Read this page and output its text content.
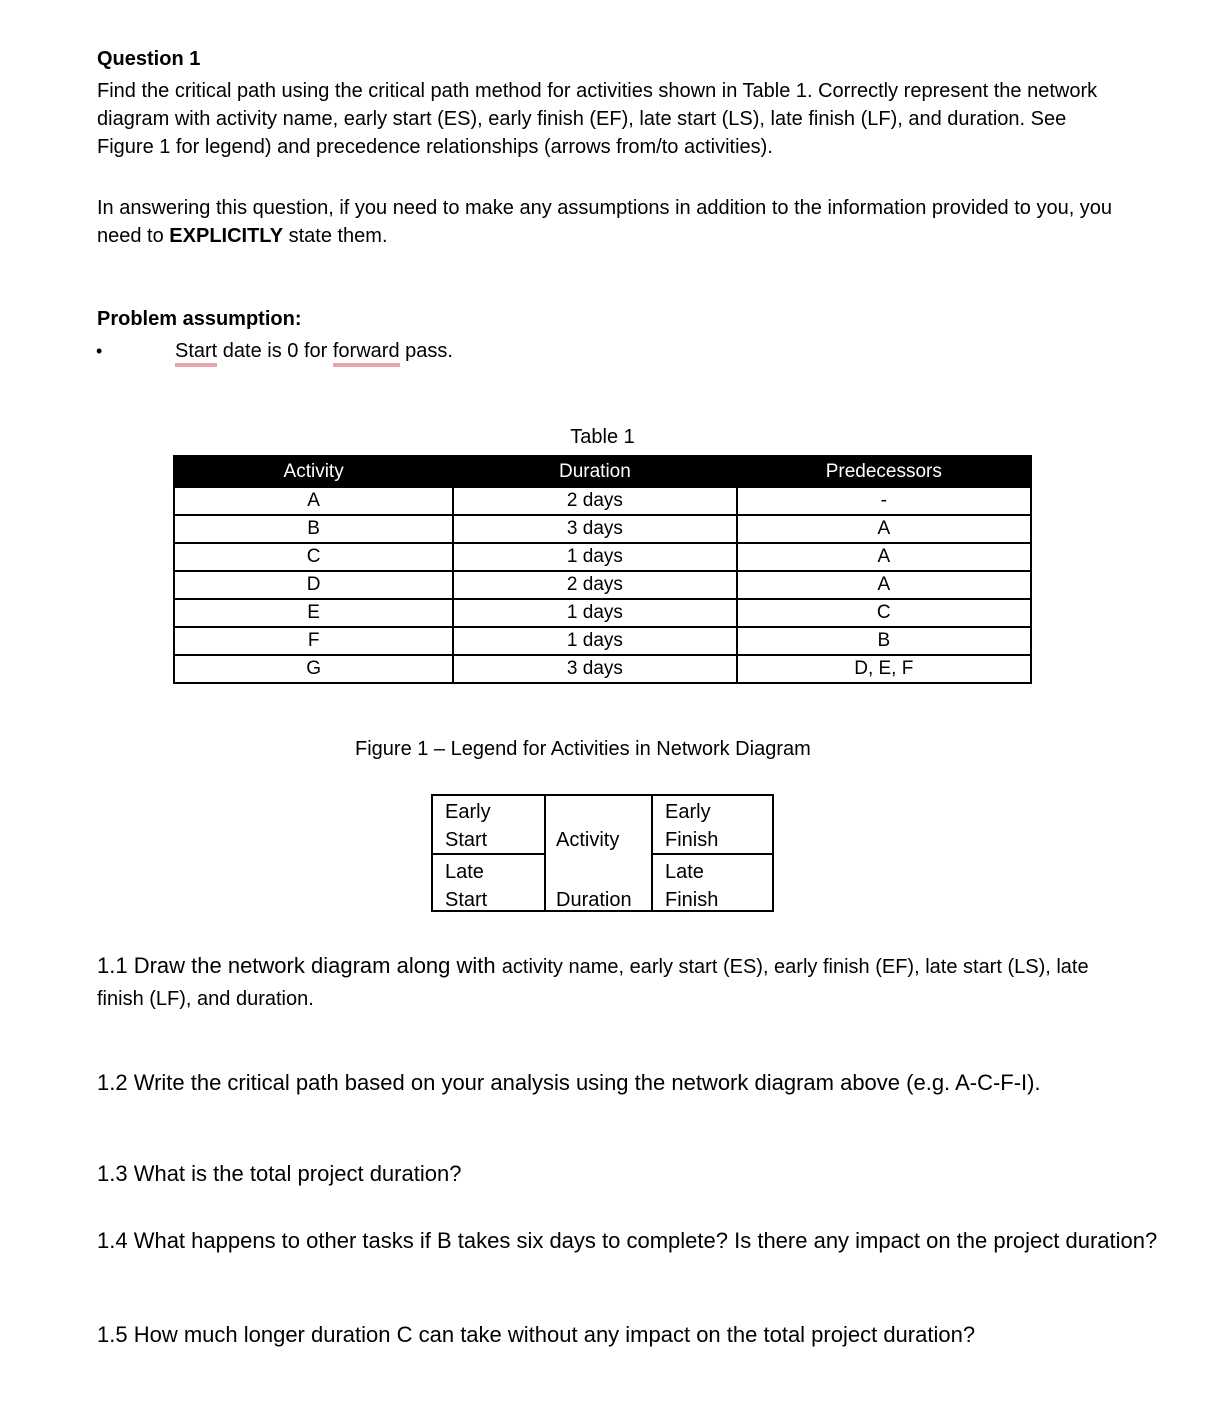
Question 1

Find the critical path using the critical path method for activities shown in Table 1. Correctly represent the network diagram with activity name, early start (ES), early finish (EF), late start (LS), late finish (LF), and duration. See Figure 1 for legend) and precedence relationships (arrows from/to activities).

In answering this question, if you need to make any assumptions in addition to the information provided to you, you need to EXPLICITLY state them.

Problem assumption:
•	Start date is 0 for forward pass.
Table 1
Activity	Duration	Predecessors
A	2 days	-
B	3 days	A
C	1 days	A
D	2 days	A
E	1 days	C
F	1 days	B
G	3 days	D, E, F
Figure 1 – Legend for Activities in Network Diagram
Early
Start	Activity
Early
Finish
Late
Start	Duration
Late
Finish

1.1 Draw the network diagram along with activity name, early start (ES), early finish (EF), late start (LS), late finish (LF), and duration.

1.2 Write the critical path based on your analysis using the network diagram above (e.g. A-C-F-I).

1.3 What is the total project duration?

1.4 What happens to other tasks if B takes six days to complete? Is there any impact on the project duration?

1.5 How much longer duration C can take without any impact on the total project duration?
